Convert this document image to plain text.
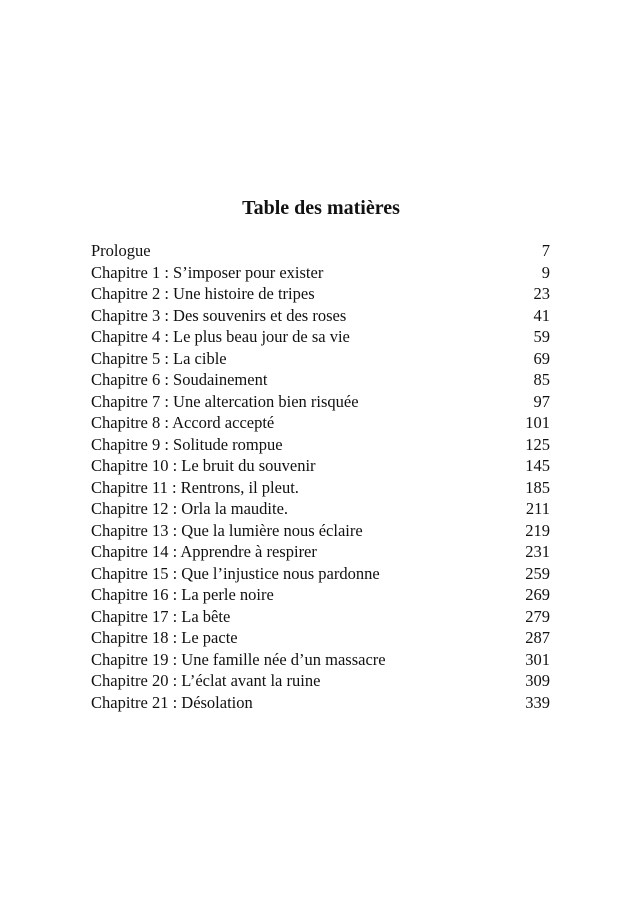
Table des matières
Prologue	7
Chapitre 1 : S’imposer pour exister	9
Chapitre 2 : Une histoire de tripes	23
Chapitre 3 : Des souvenirs et des roses	41
Chapitre 4 : Le plus beau jour de sa vie	59
Chapitre 5 : La cible	69
Chapitre 6 : Soudainement	85
Chapitre 7 : Une altercation bien risquée	97
Chapitre 8 : Accord accepté	101
Chapitre 9 : Solitude rompue	125
Chapitre 10 : Le bruit du souvenir	145
Chapitre 11 : Rentrons, il pleut.	185
Chapitre 12 : Orla la maudite.	211
Chapitre 13 : Que la lumière nous éclaire	219
Chapitre 14 : Apprendre à respirer	231
Chapitre 15 : Que l’injustice nous pardonne	259
Chapitre 16 : La perle noire	269
Chapitre 17 : La bête	279
Chapitre 18 : Le pacte	287
Chapitre 19 : Une famille née d’un massacre	301
Chapitre 20 : L’éclat avant la ruine	309
Chapitre 21 : Désolation	339
